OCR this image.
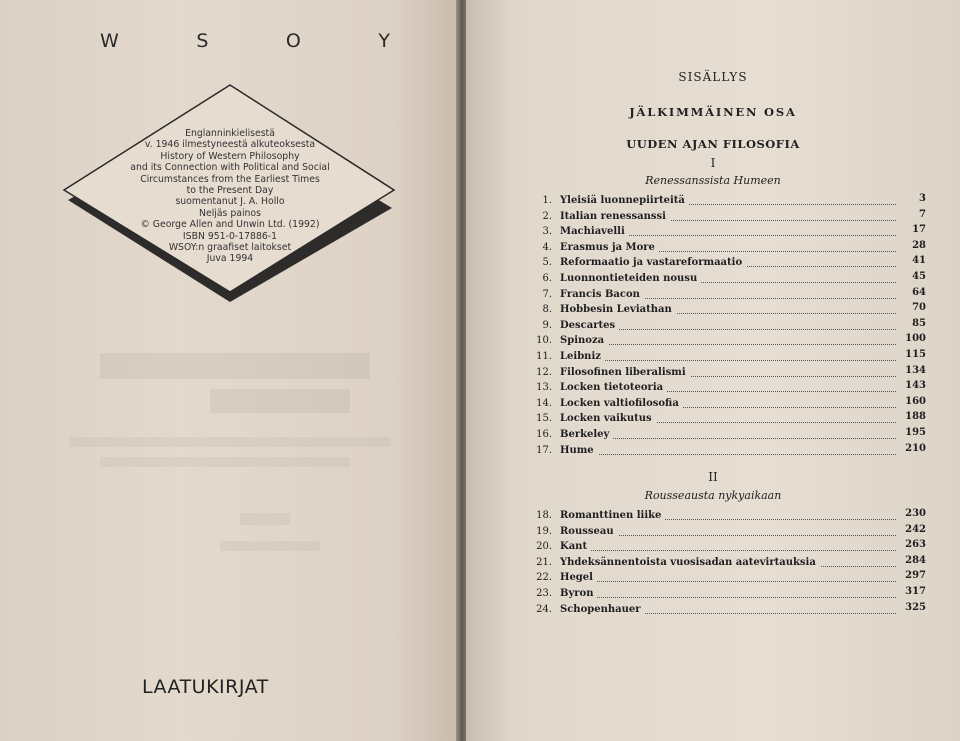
W	S	O	Y
Englanninkielisestä
v. 1946 ilmestyneestä alkuteoksesta
History of Western Philosophy
and its Connection with Political and Social
Circumstances from the Earliest Times
to the Present Day
suomentanut J. A. Hollo
Neljäs painos
© George Allen and Unwin Ltd. (1992)
ISBN 951-0-17886-1
WSOY:n graafiset laitokset
Juva 1994
LAATUKIRJAT
SISÄLLYS
JÄLKIMMÄINEN OSA
UUDEN AJAN FILOSOFIA
I
Renessanssista Humeen
1. Yleisiä luonnepiirteitä	3
2. Italian renessanssi	7
3. Machiavelli	17
4. Erasmus ja More	28
5. Reformaatio ja vastareformaatio	41
6. Luonnontieteiden nousu	45
7. Francis Bacon	64
8. Hobbesin Leviathan	70
9. Descartes	85
10. Spinoza	100
11. Leibniz	115
12. Filosofinen liberalismi	134
13. Locken tietoteoria	143
14. Locken valtiofilosofia	160
15. Locken vaikutus	188
16. Berkeley	195
17. Hume	210
II
Rousseausta nykyaikaan
18. Romanttinen liike	230
19. Rousseau	242
20. Kant	263
21. Yhdeksännentoista vuosisadan aatevirtauksia	284
22. Hegel	297
23. Byron	317
24. Schopenhauer	325
